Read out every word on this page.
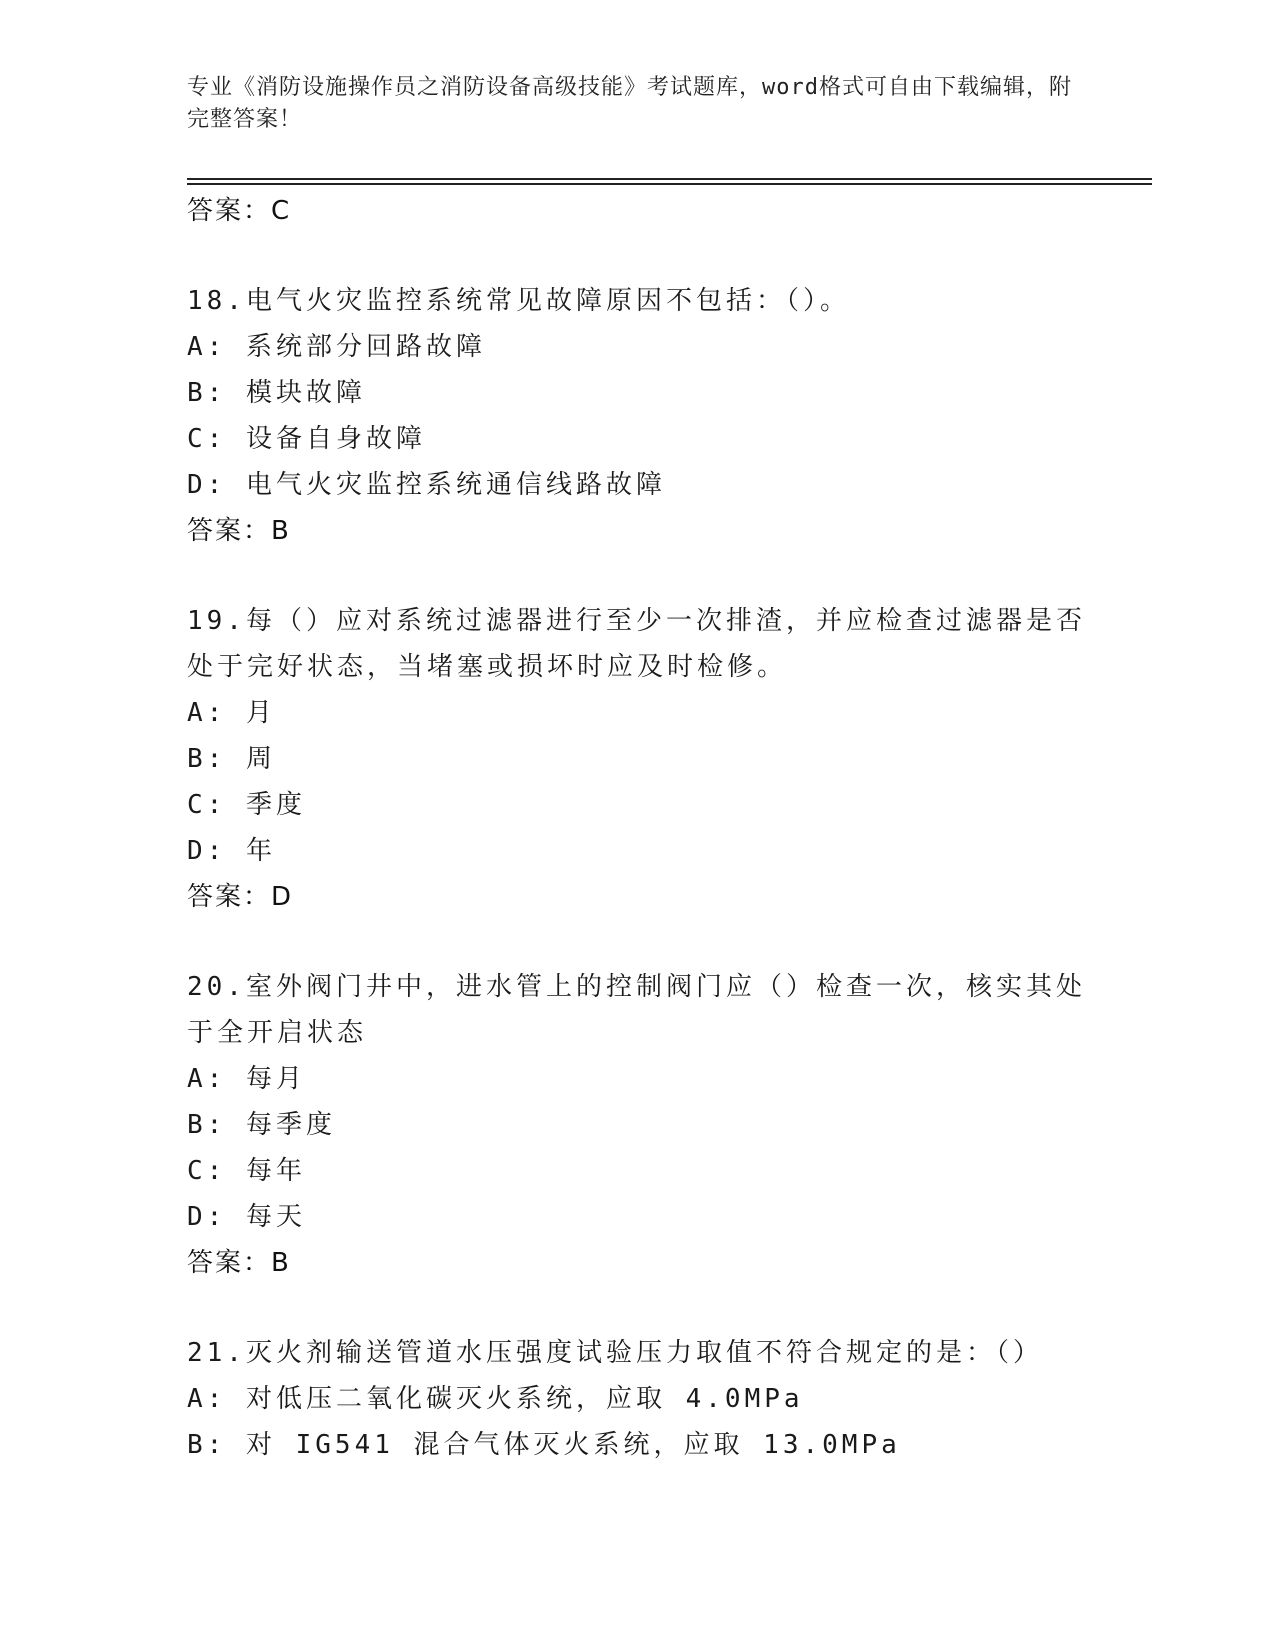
专业《消防设施操作员之消防设备高级技能》考试题库，word格式可自由下载编辑，附完整答案！
答案：C
18.电气火灾监控系统常见故障原因不包括：（）。
A: 系统部分回路故障
B: 模块故障
C: 设备自身故障
D: 电气火灾监控系统通信线路故障
答案：B
19.每（）应对系统过滤器进行至少一次排渣，并应检查过滤器是否处于完好状态，当堵塞或损坏时应及时检修。
A: 月
B: 周
C: 季度
D: 年
答案：D
20.室外阀门井中，进水管上的控制阀门应（）检查一次，核实其处于全开启状态
A: 每月
B: 每季度
C: 每年
D: 每天
答案：B
21.灭火剂输送管道水压强度试验压力取值不符合规定的是：（）
A: 对低压二氧化碳灭火系统，应取 4.0MPa
B: 对 IG541 混合气体灭火系统，应取 13.0MPa
